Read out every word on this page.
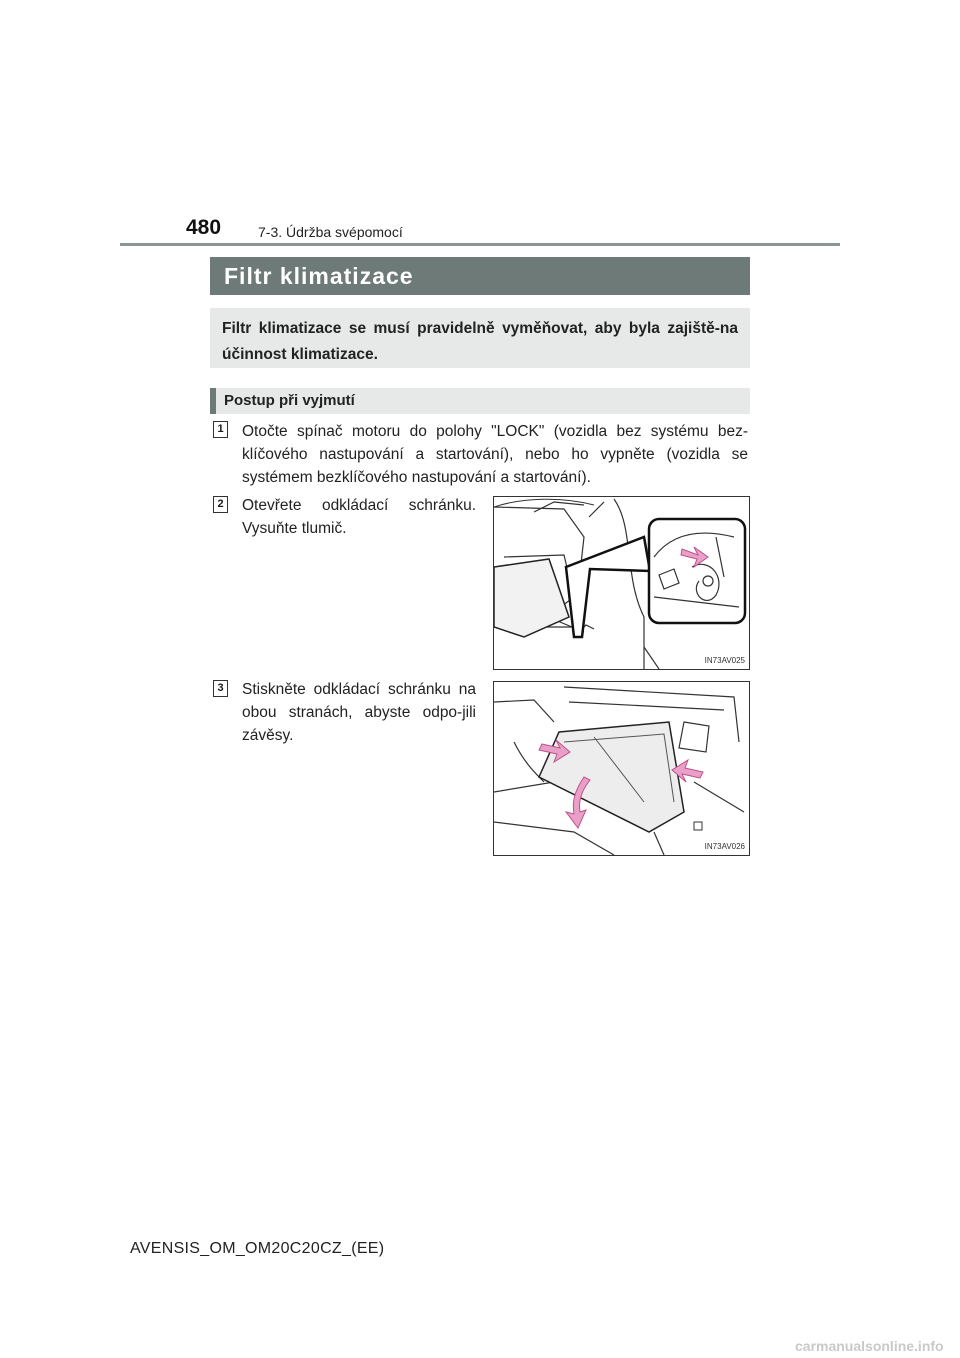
480	7-3. Údržba svépomocí
Filtr klimatizace
Filtr klimatizace se musí pravidelně vyměňovat, aby byla zajiště-na účinnost klimatizace.
Postup při vyjmutí
1 Otočte spínač motoru do polohy "LOCK" (vozidla bez systému bez-klíčového nastupování a startování), nebo ho vypněte (vozidla se systémem bezklíčového nastupování a startování).
2 Otevřete odkládací schránku. Vysuňte tlumič.
IN73AV025
3 Stiskněte odkládací schránku na obou stranách, abyste odpo-jili závěsy.
IN73AV026
AVENSIS_OM_OM20C20CZ_(EE)
carmanualsonline.info
